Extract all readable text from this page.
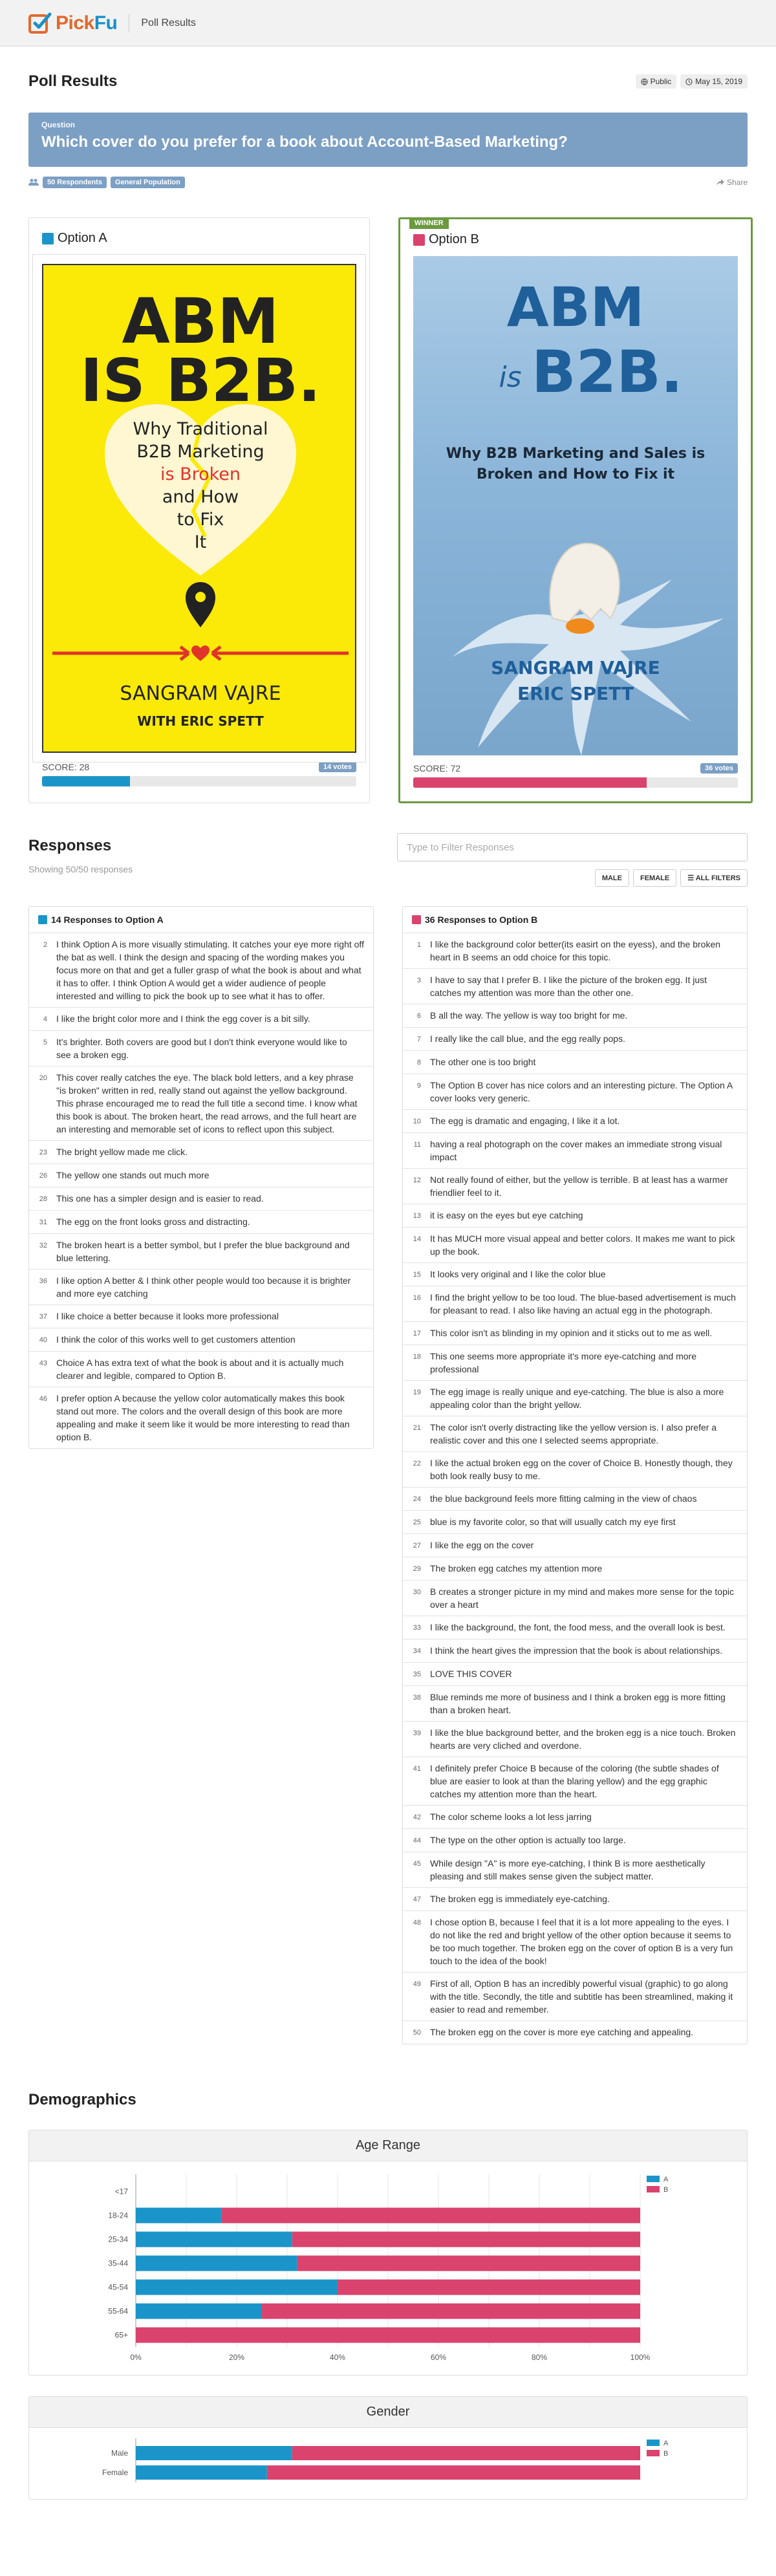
PickFu Poll Results
Poll Results	Public	May 15, 2019
Question
Which cover do you prefer for a book about Account-Based Marketing?
50 Respondents	General Population	Share
Option A
ABM
IS B2B.
Why Traditional
B2B Marketing
is Broken
and How
to Fix
It
SANGRAM VAJRE
WITH ERIC SPETT
SCORE: 28	14 votes
WINNER
Option B
ABM
is B2B.
Why B2B Marketing and Sales is
Broken and How to Fix it
SANGRAM VAJRE
ERIC SPETT
SCORE: 72	36 votes
Responses
Showing 50/50 responses
Type to Filter Responses
MALE	FEMALE	☰ ALL FILTERS
14 Responses to Option A
2 I think Option A is more visually stimulating. It catches your eye more right off the bat as well. I think the design and spacing of the wording makes you focus more on that and get a fuller grasp of what the book is about and what it has to offer. I think Option A would get a wider audience of people interested and willing to pick the book up to see what it has to offer.
4 I like the bright color more and I think the egg cover is a bit silly.
5 It's brighter. Both covers are good but I don't think everyone would like to see a broken egg.
20 This cover really catches the eye. The black bold letters, and a key phrase "is broken" written in red, really stand out against the yellow background. This phrase encouraged me to read the full title a second time. I know what this book is about. The broken heart, the read arrows, and the full heart are an interesting and memorable set of icons to reflect upon this subject.
23 The bright yellow made me click.
26 The yellow one stands out much more
28 This one has a simpler design and is easier to read.
31 The egg on the front looks gross and distracting.
32 The broken heart is a better symbol, but I prefer the blue background and blue lettering.
36 I like option A better & I think other people would too because it is brighter and more eye catching
37 I like choice a better because it looks more professional
40 I think the color of this works well to get customers attention
43 Choice A has extra text of what the book is about and it is actually much clearer and legible, compared to Option B.
46 I prefer option A because the yellow color automatically makes this book stand out more. The colors and the overall design of this book are more appealing and make it seem like it would be more interesting to read than option B.
36 Responses to Option B
1 I like the background color better(its easirt on the eyess), and the broken heart in B seems an odd choice for this topic.
3 I have to say that I prefer B. I like the picture of the broken egg. It just catches my attention was more than the other one.
6 B all the way. The yellow is way too bright for me.
7 I really like the call blue, and the egg really pops.
8 The other one is too bright
9 The Option B cover has nice colors and an interesting picture. The Option A cover looks very generic.
10 The egg is dramatic and engaging, I like it a lot.
11 having a real photograph on the cover makes an immediate strong visual impact
12 Not really found of either, but the yellow is terrible. B at least has a warmer friendlier feel to it.
13 it is easy on the eyes but eye catching
14 It has MUCH more visual appeal and better colors. It makes me want to pick up the book.
15 It looks very original and I like the color blue
16 I find the bright yellow to be too loud. The blue-based advertisement is much for pleasant to read. I also like having an actual egg in the photograph.
17 This color isn't as blinding in my opinion and it sticks out to me as well.
18 This one seems more appropriate it's more eye-catching and more professional
19 The egg image is really unique and eye-catching. The blue is also a more appealing color than the bright yellow.
21 The color isn't overly distracting like the yellow version is. I also prefer a realistic cover and this one I selected seems appropriate.
22 I like the actual broken egg on the cover of Choice B. Honestly though, they both look really busy to me.
24 the blue background feels more fitting calming in the view of chaos
25 blue is my favorite color, so that will usually catch my eye first
27 I like the egg on the cover
29 The broken egg catches my attention more
30 B creates a stronger picture in my mind and makes more sense for the topic over a heart
33 I like the background, the font, the food mess, and the overall look is best.
34 I think the heart gives the impression that the book is about relationships.
35 LOVE THIS COVER
38 Blue reminds me more of business and I think a broken egg is more fitting than a broken heart.
39 I like the blue background better, and the broken egg is a nice touch. Broken hearts are very cliched and overdone.
41 I definitely prefer Choice B because of the coloring (the subtle shades of blue are easier to look at than the blaring yellow) and the egg graphic catches my attention more than the heart.
42 The color scheme looks a lot less jarring
44 The type on the other option is actually too large.
45 While design "A" is more eye-catching, I think B is more aesthetically pleasing and still makes sense given the subject matter.
47 The broken egg is immediately eye-catching.
48 I chose option B, because I feel that it is a lot more appealing to the eyes. I do not like the red and bright yellow of the other option because it seems to be too much together. The broken egg on the cover of option B is a very fun touch to the idea of the book!
49 First of all, Option B has an incredibly powerful visual (graphic) to go along with the title. Secondly, the title and subtitle has been streamlined, making it easier to read and remember.
50 The broken egg on the cover is more eye catching and appealing.
Demographics
Age Range
<17
18-24
25-34
35-44
45-54
55-64
65+
0%	20%	40%	60%	80%	100%
A
B
Gender
Male
Female
A
B
